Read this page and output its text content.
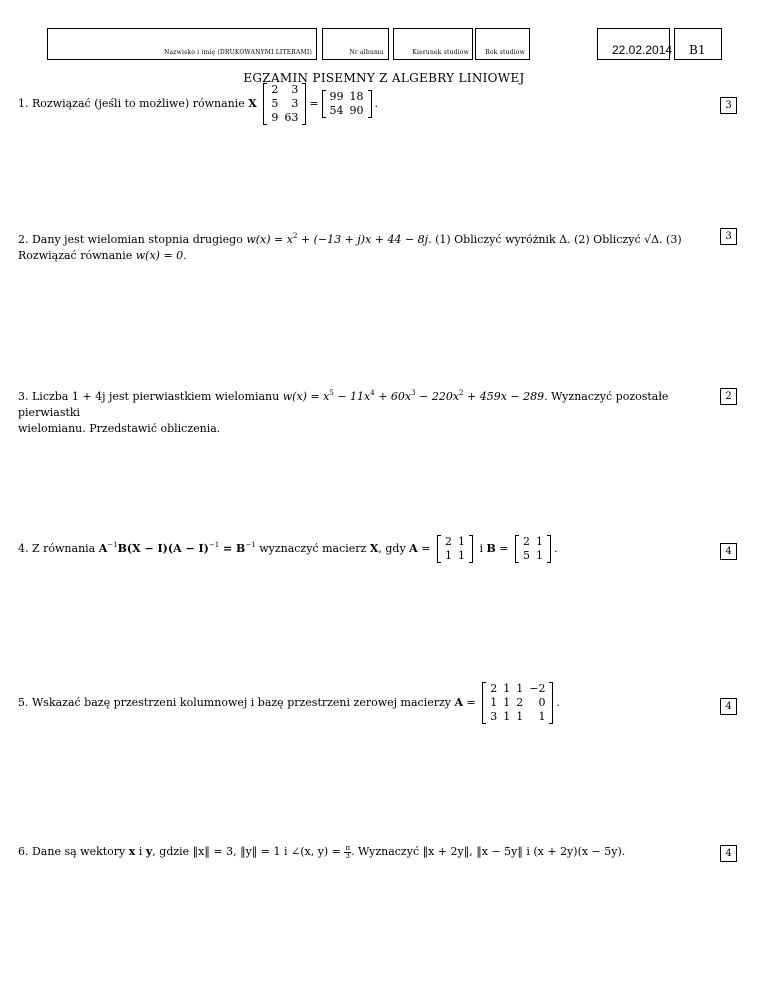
Nazwisko i imię (DRUKOWANYMI LITERAMI)	Nr albumu	Kierunek studiów	Rok studiów	22.02.2014 B1
EGZAMIN PISEMNY Z ALGEBRY LINIOWEJ
1. Rozwiązać (jeśli to możliwe) równanie X
2	3
5	3
9	63
=
99	18
54	90
.	3
2. Dany jest wielomian stopnia drugiego $w(x) = x^2 + (-13 + j)x + 44 - 8j$. (1) Obliczyć wyróżnik Δ. (2) Obliczyć √Δ. (3)
Rozwiązać równanie w(x) = 0.
3
3. Liczba 1 + 4j jest pierwiastkiem wielomianu $w(x) = x^5 - 11x^4 + 60x^3 - 220x^2 + 459x - 289$. Wyznaczyć pozostałe pierwiastki
wielomianu. Przedstawić obliczenia.
2
4. Z równania $A^{-1}B(X - I)(A - I)^{-1} = B^{-1}$ wyznaczyć macierz X, gdy A =
2	1
1	1
i B =
2	1
5	1
.	4
5. Wskazać bazę przestrzeni kolumnowej i bazę przestrzeni zerowej macierzy A =
2	1	1	−2
1	1	2	0
3	1	1	1
.	4
6. Dane są wektory x i y, gdzie ‖x‖ = 3, ‖y‖ = 1 i ∠(x, $y) = \frac{\pi}{3}$ . Wyznaczyć ‖x + 2y‖, ‖x − 5y‖ i (x + 2y)(x − 5y).	4
